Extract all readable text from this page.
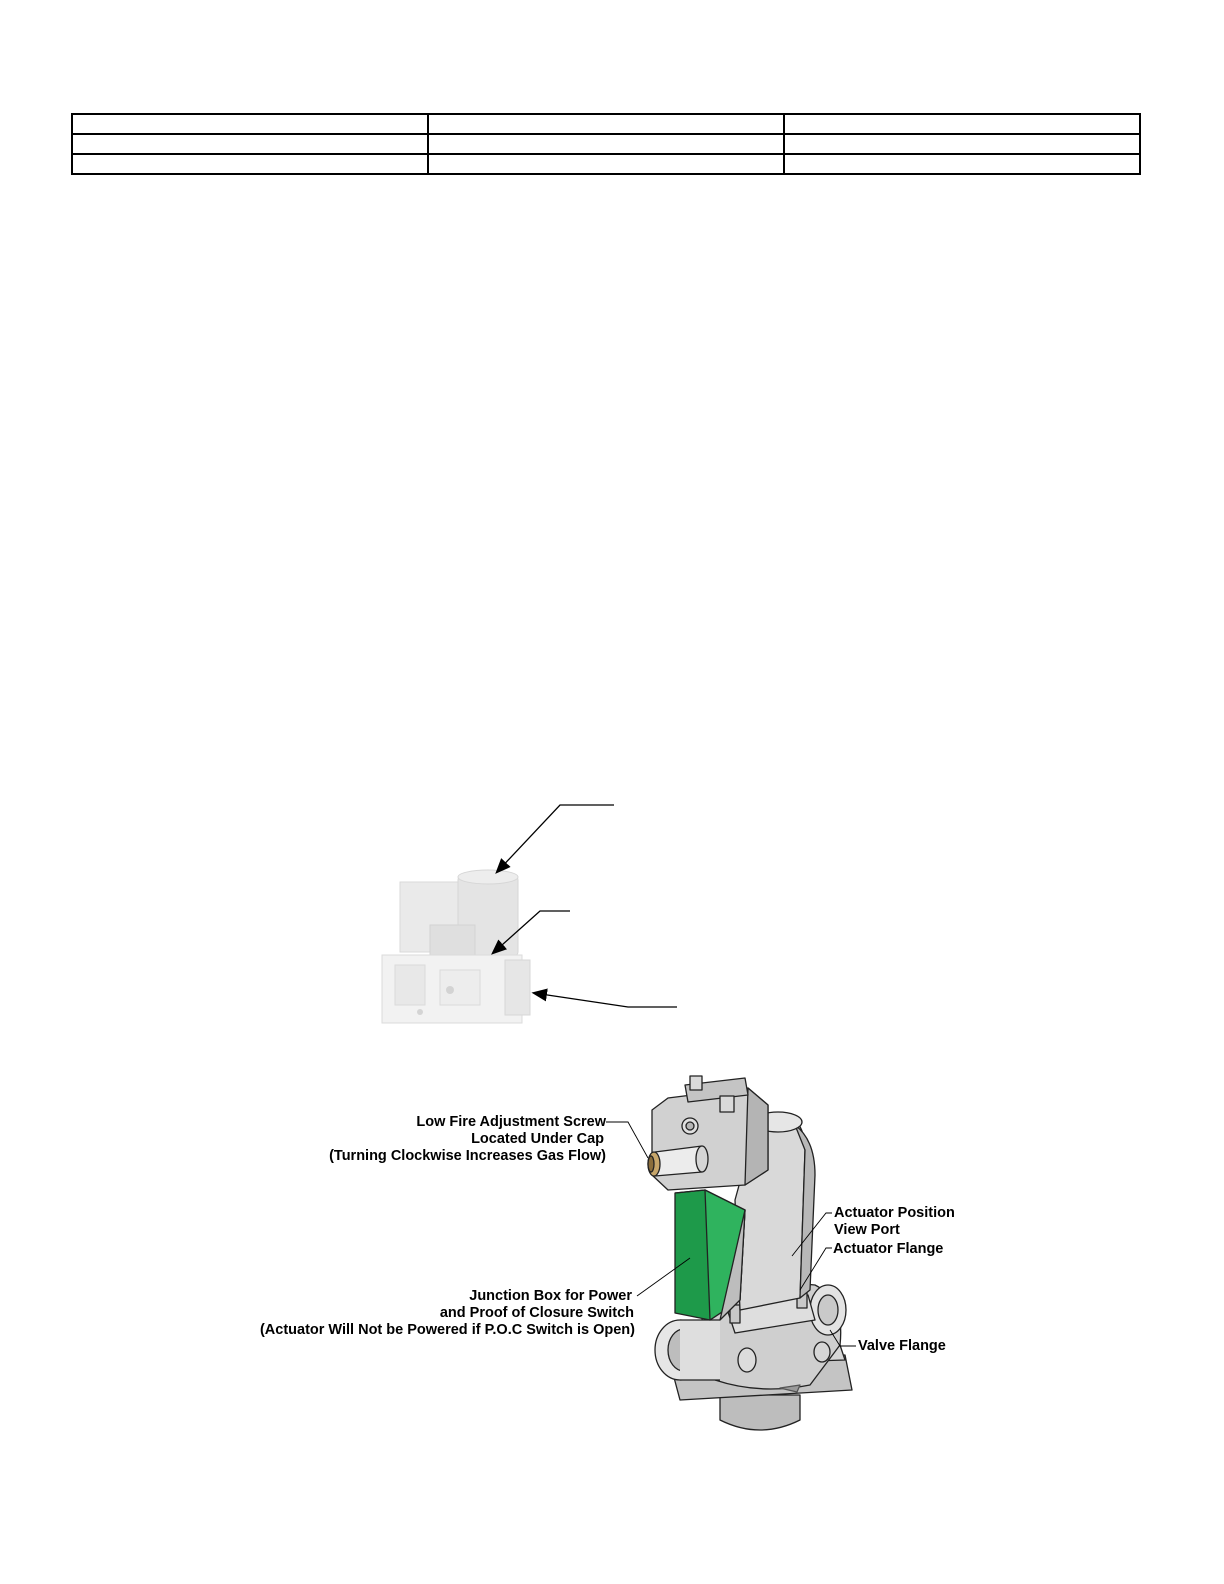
Low Fire Adjustment Screw
Located Under Cap
(Turning Clockwise Increases Gas Flow)
Junction Box for Power
and Proof of Closure Switch
(Actuator Will Not be Powered if P.O.C Switch is Open)
Actuator Position
View Port
Actuator Flange
Valve Flange
